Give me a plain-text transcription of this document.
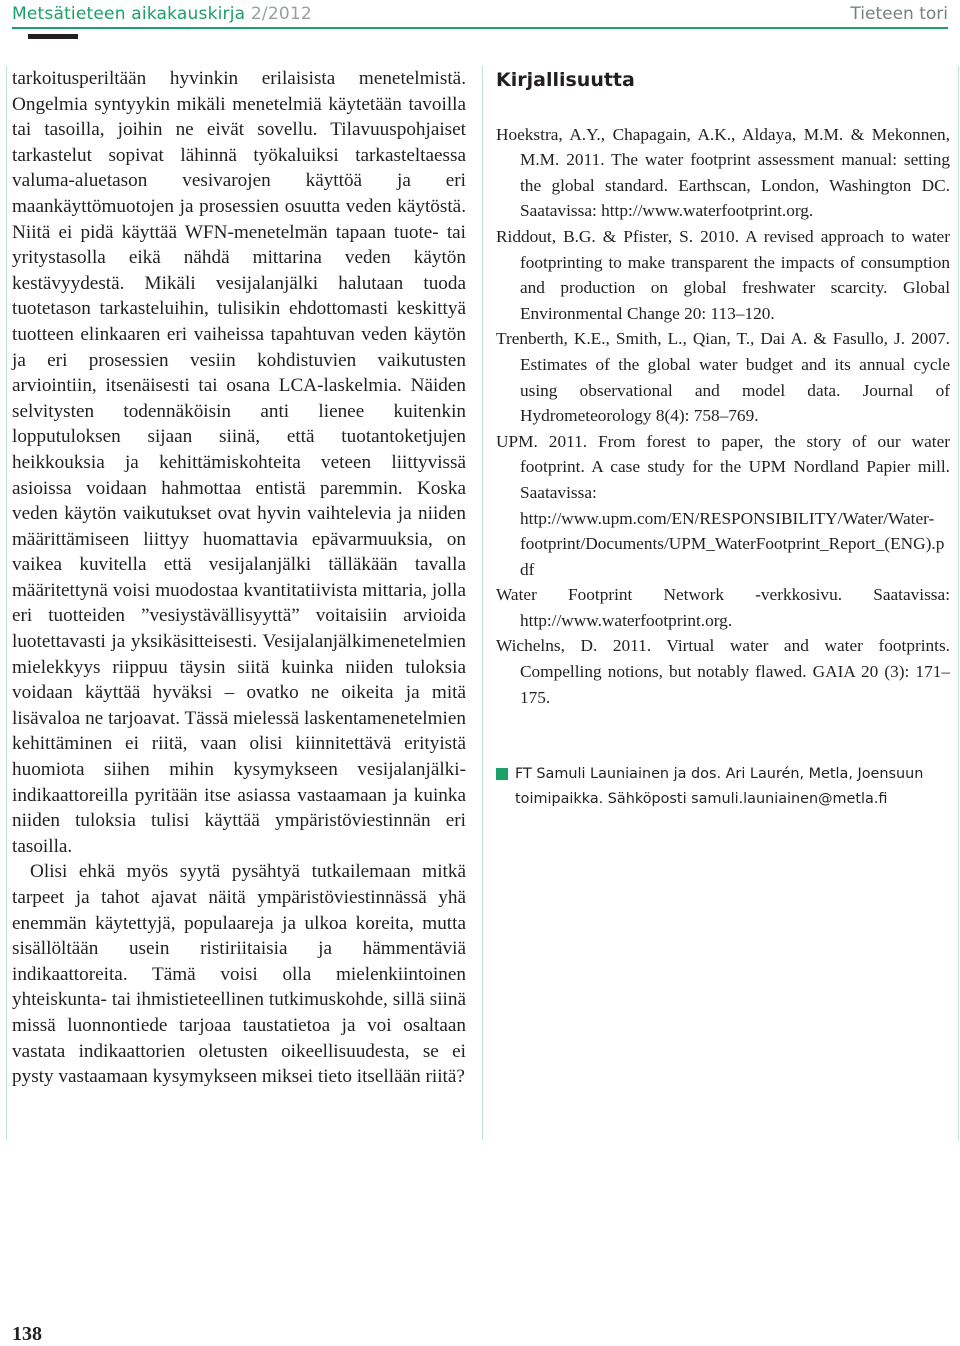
Metsätieteen aikakauskirja 2/2012	Tieteen tori

tarkoitusperiltään hyvinkin erilaisista menetelmistä. Ongelmia syntyykin mikäli menetelmiä käytetään tavoilla tai tasoilla, joihin ne eivät sovellu. Tilavuuspohjaiset tarkastelut sopivat lähinnä työkaluiksi tarkasteltaessa valuma-aluetason vesivarojen käyttöä ja eri maankäyttömuotojen ja prosessien osuutta veden käytöstä. Niitä ei pidä käyttää WFN-menetelmän tapaan tuote- tai yritystasolla eikä nähdä mittarina veden käytön kestävyydestä. Mikäli vesijalanjälki halutaan tuoda tuotetason tarkasteluihin, tulisikin ehdottomasti keskittyä tuotteen elinkaaren eri vaiheissa tapahtuvan veden käytön ja eri prosessien vesiin kohdistuvien vaikutusten arviointiin, itsenäisesti tai osana LCA-laskelmia. Näiden selvitysten todennäköisin anti lienee kuitenkin lopputuloksen sijaan siinä, että tuotantoketjujen heikkouksia ja kehittämiskohteita veteen liittyvissä asioissa voidaan hahmottaa entistä paremmin. Koska veden käytön vaikutukset ovat hyvin vaihtelevia ja niiden määrittämiseen liittyy huomattavia epävarmuuksia, on vaikea kuvitella että vesijalanjälki tälläkään tavalla määritettynä voisi muodostaa kvantitatiivista mittaria, jolla eri tuotteiden ”vesiystävällisyyttä” voitaisiin arvioida luotettavasti ja yksikäsitteisesti. Vesijalanjälkimenetelmien mielekkyys riippuu täysin siitä kuinka niiden tuloksia voidaan käyttää hyväksi – ovatko ne oikeita ja mitä lisävaloa ne tarjoavat. Tässä mielessä laskentamenetelmien kehittäminen ei riitä, vaan olisi kiinnitettävä erityistä huomiota siihen mihin kysymykseen vesijalanjälki-indikaattoreilla pyritään itse asiassa vastaamaan ja kuinka niiden tuloksia tulisi käyttää ympäristöviestinnän eri tasoilla.

Olisi ehkä myös syytä pysähtyä tutkailemaan mitkä tarpeet ja tahot ajavat näitä ympäristöviestinnässä yhä enemmän käytettyjä, populaareja ja ulkoa koreita, mutta sisällöltään usein ristiriitaisia ja hämmentäviä indikaattoreita. Tämä voisi olla mielenkiintoinen yhteiskunta- tai ihmistieteellinen tutkimuskohde, sillä siinä missä luonnontiede tarjoaa taustatietoa ja voi osaltaan vastata indikaattorien oletusten oikeellisuudesta, se ei pysty vastaamaan kysymykseen miksei tieto itsellään riitä?

Kirjallisuutta

Hoekstra, A.Y., Chapagain, A.K., Aldaya, M.M. & Mekonnen, M.M. 2011. The water footprint assessment manual: setting the global standard. Earthscan, London, Washington DC. Saatavissa: http://www.waterfootprint.org.

Riddout, B.G. & Pfister, S. 2010. A revised approach to water footprinting to make transparent the impacts of consumption and production on global freshwater scarcity. Global Environmental Change 20: 113–120.

Trenberth, K.E., Smith, L., Qian, T., Dai A. & Fasullo, J. 2007. Estimates of the global water budget and its annual cycle using observational and model data. Journal of Hydrometeorology 8(4): 758–769.

UPM. 2011. From forest to paper, the story of our water footprint. A case study for the UPM Nordland Papier mill. Saatavissa: http://www.upm.com/EN/RESPONSIBILITY/Water/Water-footprint/Documents/UPM_WaterFootprint_Report_(ENG).pdf

Water Footprint Network -verkkosivu. Saatavissa: http://www.waterfootprint.org.

Wichelns, D. 2011. Virtual water and water footprints. Compelling notions, but notably flawed. GAIA 20 (3): 171–175.

FT Samuli Launiainen ja dos. Ari Laurén, Metla, Joensuun toimipaikka. Sähköposti samuli.launiainen@metla.fi
138
